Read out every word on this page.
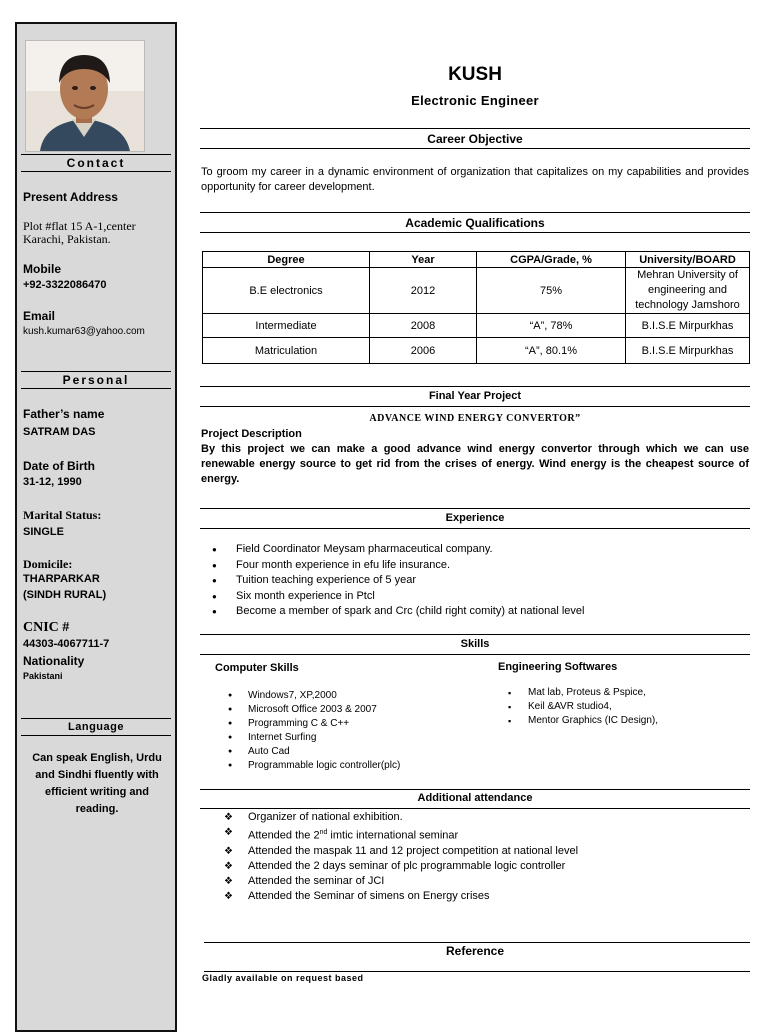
Contact
Present Address
Plot #flat 15 A-1,center
Karachi, Pakistan.
Mobile
+92-3322086470
Email
kush.kumar63@yahoo.com
Personal
Father’s name
SATRAM DAS
Date of Birth
31-12, 1990
Marital Status:
SINGLE
Domicile:
THARPARKAR
(SINDH RURAL)
CNIC #
44303-4067711-7
Nationality
Pakistani
Language
Can speak English, Urdu and Sindhi fluently with efficient writing and reading.
KUSH
Electronic Engineer
Career Objective
To groom my career in a dynamic environment of organization that capitalizes on my capabilities and provides opportunity for career development.
Academic Qualifications
Degree	Year	CGPA/Grade, %	University/BOARD
B.E electronics	2012	75%	Mehran University of engineering and technology Jamshoro
Intermediate	2008	“A”, 78%	B.I.S.E Mirpurkhas
Matriculation	2006	“A”, 80.1%	B.I.S.E Mirpurkhas
Final Year Project
ADVANCE WIND ENERGY CONVERTOR”
Project Description
By this project we can make a good advance wind energy convertor through which we can use renewable energy source to get rid from the crises of energy. Wind energy is the cheapest source of energy.
Experience
● Field Coordinator Meysam pharmaceutical company.
● Four month experience in efu life insurance.
● Tuition teaching experience of 5 year
● Six month experience in Ptcl
● Become a member of spark and Crc (child right comity) at national level
Skills
Computer Skills
● Windows7, XP,2000
● Microsoft Office 2003 & 2007
● Programming C & C++
● Internet Surfing
● Auto Cad
● Programmable logic controller(plc)
Engineering Softwares
▪ Mat lab, Proteus & Pspice,
▪ Keil &AVR studio4,
▪ Mentor Graphics (IC Design),
Additional attendance
❖ Organizer of national exhibition.
❖ Attended the 2nd imtic international seminar
❖ Attended the maspak 11 and 12 project competition at national level
❖ Attended the 2 days seminar of plc programmable logic controller
❖ Attended the seminar of JCI
❖ Attended the Seminar of simens on Energy crises
Reference
Gladly available on request based
